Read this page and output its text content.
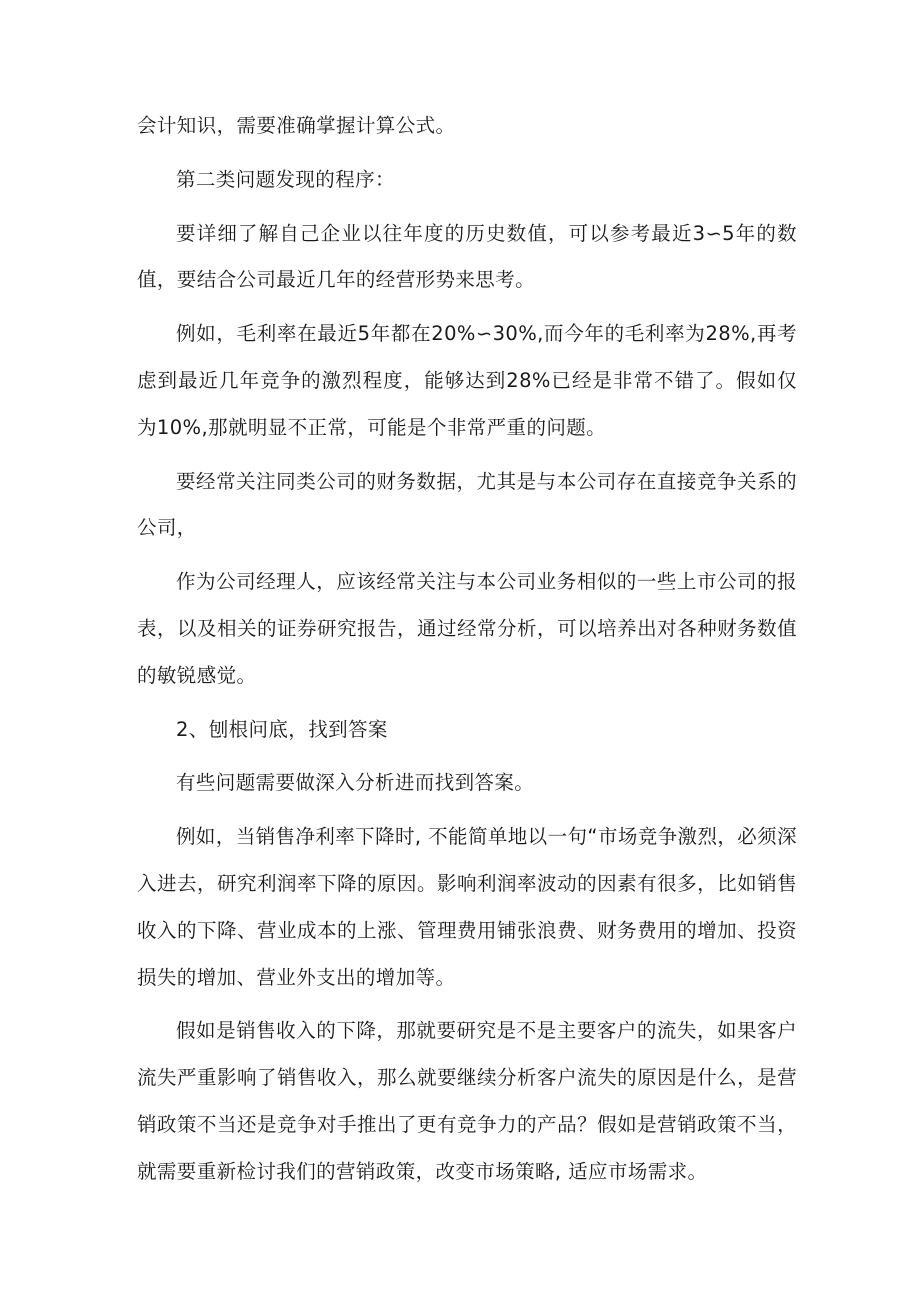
会计知识，需要准确掌握计算公式。

第二类问题发现的程序：

要详细了解自己企业以往年度的历史数值，可以参考最近3∽5年的数值，要结合公司最近几年的经营形势来思考。

例如，毛利率在最近5年都在20%∽30%,而今年的毛利率为28%,再考虑到最近几年竞争的激烈程度，能够达到28%已经是非常不错了。假如仅为10%,那就明显不正常，可能是个非常严重的问题。

要经常关注同类公司的财务数据，尤其是与本公司存在直接竞争关系的公司，

作为公司经理人，应该经常关注与本公司业务相似的一些上市公司的报表，以及相关的证券研究报告，通过经常分析，可以培养出对各种财务数值的敏锐感觉。

2、刨根问底，找到答案

有些问题需要做深入分析进而找到答案。

例如，当销售净利率下降时, 不能简单地以一句“市场竞争激烈，必须深入进去，研究利润率下降的原因。影响利润率波动的因素有很多，比如销售收入的下降、营业成本的上涨、管理费用铺张浪费、财务费用的增加、投资损失的增加、营业外支出的增加等。

假如是销售收入的下降，那就要研究是不是主要客户的流失，如果客户流失严重影响了销售收入，那么就要继续分析客户流失的原因是什么，是营销政策不当还是竞争对手推出了更有竞争力的产品？假如是营销政策不当，就需要重新检讨我们的营销政策，改变市场策略, 适应市场需求。
